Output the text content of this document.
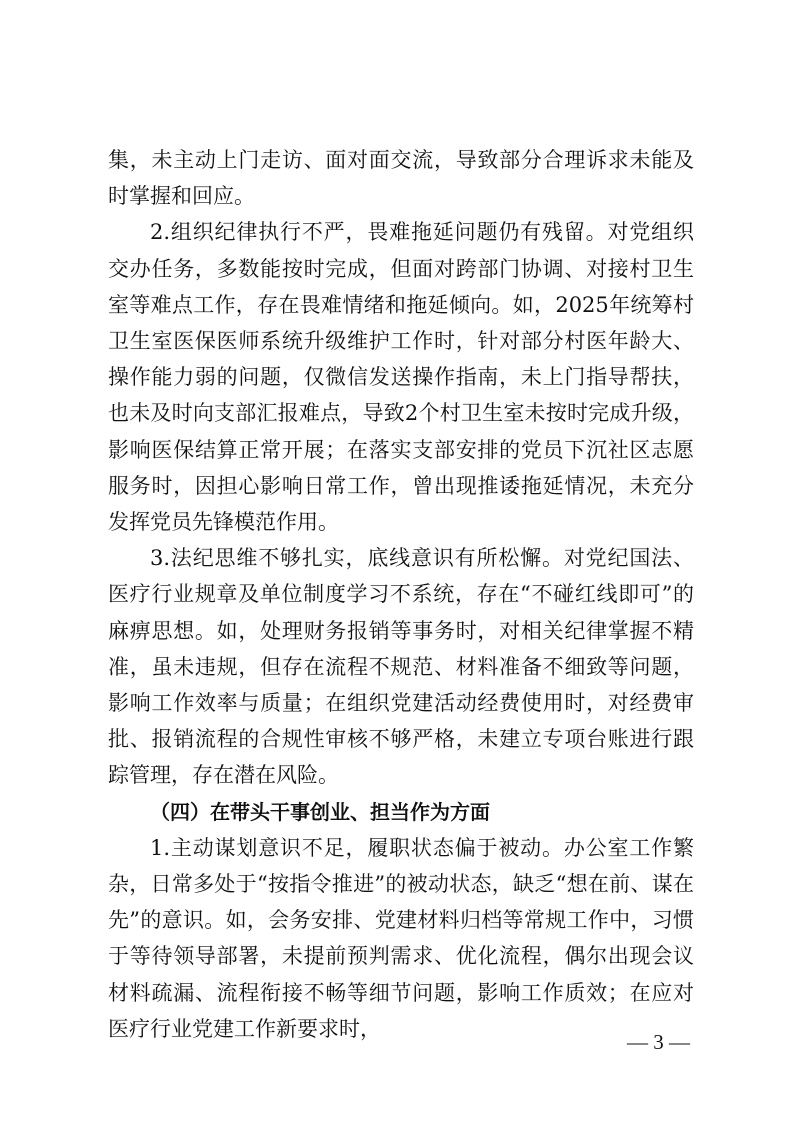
集，未主动上门走访、面对面交流，导致部分合理诉求未能及时掌握和回应。

2.组织纪律执行不严，畏难拖延问题仍有残留。对党组织交办任务，多数能按时完成，但面对跨部门协调、对接村卫生室等难点工作，存在畏难情绪和拖延倾向。如，2025年统筹村卫生室医保医师系统升级维护工作时，针对部分村医年龄大、操作能力弱的问题，仅微信发送操作指南，未上门指导帮扶，也未及时向支部汇报难点，导致2个村卫生室未按时完成升级，影响医保结算正常开展；在落实支部安排的党员下沉社区志愿服务时，因担心影响日常工作，曾出现推诿拖延情况，未充分发挥党员先锋模范作用。

3.法纪思维不够扎实，底线意识有所松懈。对党纪国法、医疗行业规章及单位制度学习不系统，存在“不碰红线即可”的麻痹思想。如，处理财务报销等事务时，对相关纪律掌握不精准，虽未违规，但存在流程不规范、材料准备不细致等问题，影响工作效率与质量；在组织党建活动经费使用时，对经费审批、报销流程的合规性审核不够严格，未建立专项台账进行跟踪管理，存在潜在风险。

（四）在带头干事创业、担当作为方面

1.主动谋划意识不足，履职状态偏于被动。办公室工作繁杂，日常多处于“按指令推进”的被动状态，缺乏“想在前、谋在先”的意识。如，会务安排、党建材料归档等常规工作中，习惯于等待领导部署，未提前预判需求、优化流程，偶尔出现会议材料疏漏、流程衔接不畅等细节问题，影响工作质效；在应对医疗行业党建工作新要求时，

— 3 —
